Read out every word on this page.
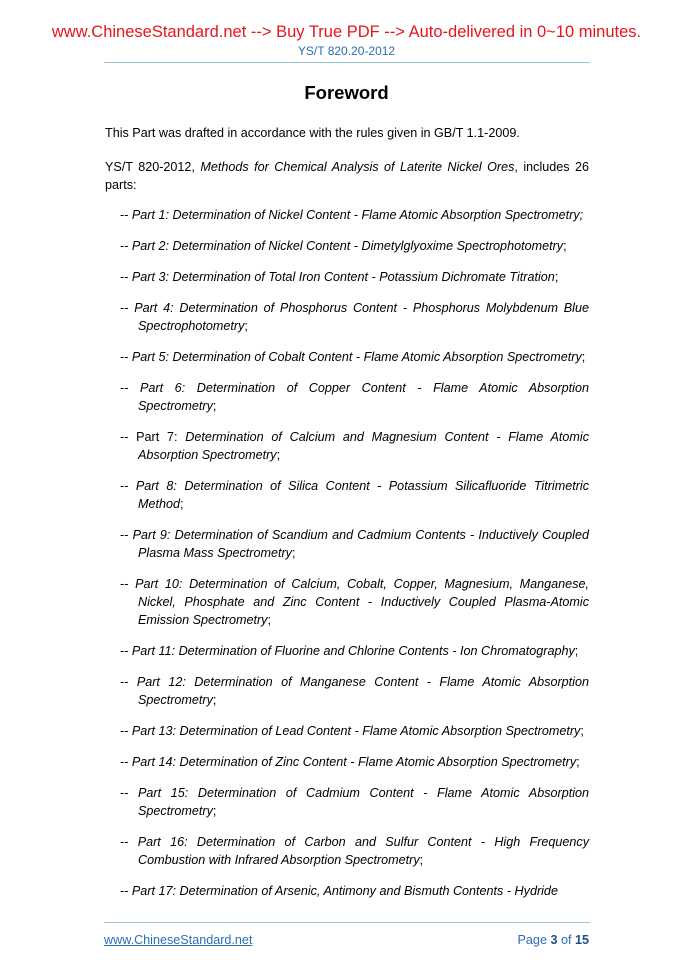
www.ChineseStandard.net --> Buy True PDF --> Auto-delivered in 0~10 minutes.
YS/T 820.20-2012
Foreword
This Part was drafted in accordance with the rules given in GB/T 1.1-2009.
YS/T 820-2012, Methods for Chemical Analysis of Laterite Nickel Ores, includes 26 parts:
-- Part 1: Determination of Nickel Content - Flame Atomic Absorption Spectrometry;
-- Part 2: Determination of Nickel Content - Dimetylglyoxime Spectrophotometry;
-- Part 3: Determination of Total Iron Content - Potassium Dichromate Titration;
-- Part 4: Determination of Phosphorus Content - Phosphorus Molybdenum Blue Spectrophotometry;
-- Part 5: Determination of Cobalt Content - Flame Atomic Absorption Spectrometry;
-- Part 6: Determination of Copper Content - Flame Atomic Absorption Spectrometry;
-- Part 7: Determination of Calcium and Magnesium Content - Flame Atomic Absorption Spectrometry;
-- Part 8: Determination of Silica Content - Potassium Silicafluoride Titrimetric Method;
-- Part 9: Determination of Scandium and Cadmium Contents - Inductively Coupled Plasma Mass Spectrometry;
-- Part 10: Determination of Calcium, Cobalt, Copper, Magnesium, Manganese, Nickel, Phosphate and Zinc Content - Inductively Coupled Plasma-Atomic Emission Spectrometry;
-- Part 11: Determination of Fluorine and Chlorine Contents - Ion Chromatography;
-- Part 12: Determination of Manganese Content - Flame Atomic Absorption Spectrometry;
-- Part 13: Determination of Lead Content - Flame Atomic Absorption Spectrometry;
-- Part 14: Determination of Zinc Content - Flame Atomic Absorption Spectrometry;
-- Part 15: Determination of Cadmium Content - Flame Atomic Absorption Spectrometry;
-- Part 16: Determination of Carbon and Sulfur Content - High Frequency Combustion with Infrared Absorption Spectrometry;
-- Part 17: Determination of Arsenic, Antimony and Bismuth Contents - Hydride
www.ChineseStandard.net	Page 3 of 15
